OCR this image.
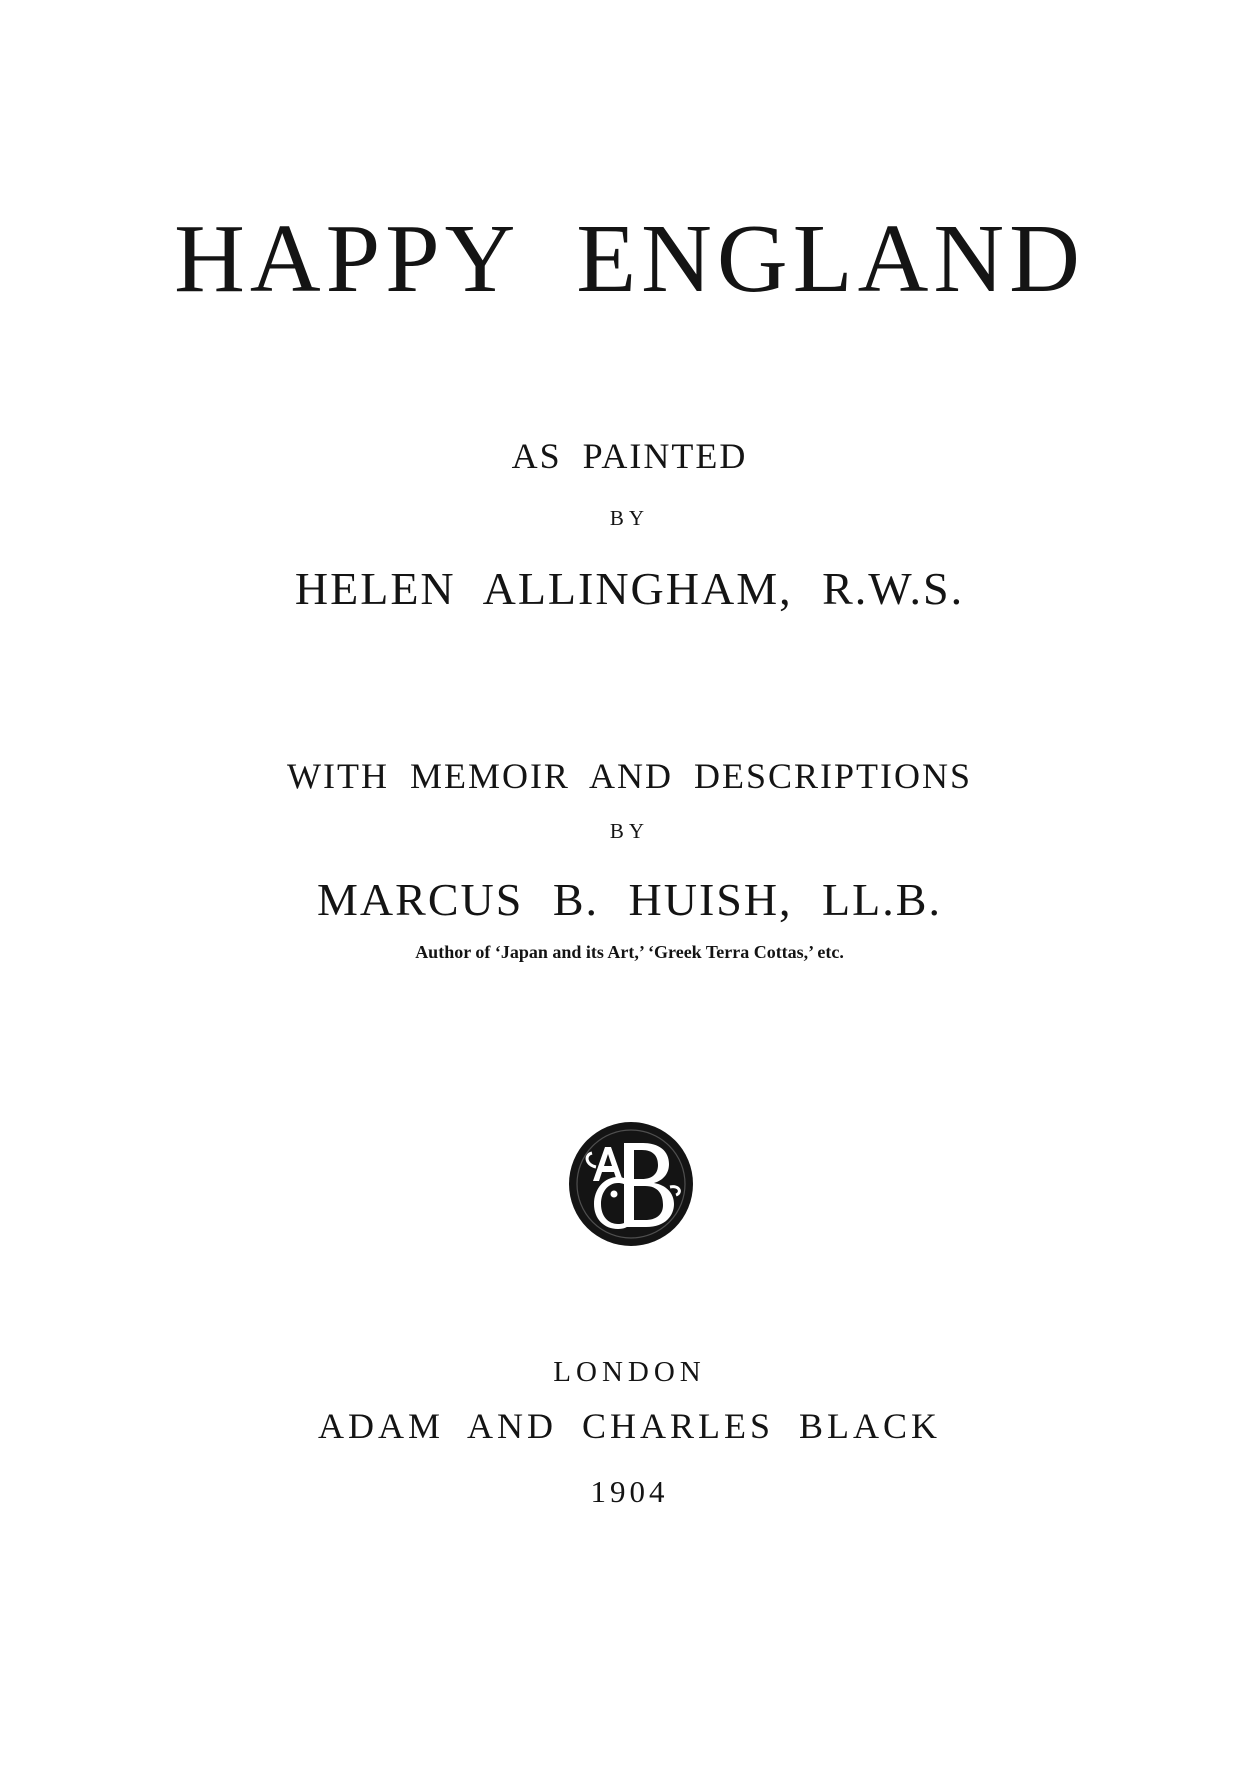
HAPPY ENGLAND
AS PAINTED
BY
HELEN ALLINGHAM, R.W.S.
WITH MEMOIR AND DESCRIPTIONS
BY
MARCUS B. HUISH, LL.B.
Author of ‘Japan and its Art,’ ‘Greek Terra Cottas,’ etc.
LONDON
ADAM AND CHARLES BLACK
1904
